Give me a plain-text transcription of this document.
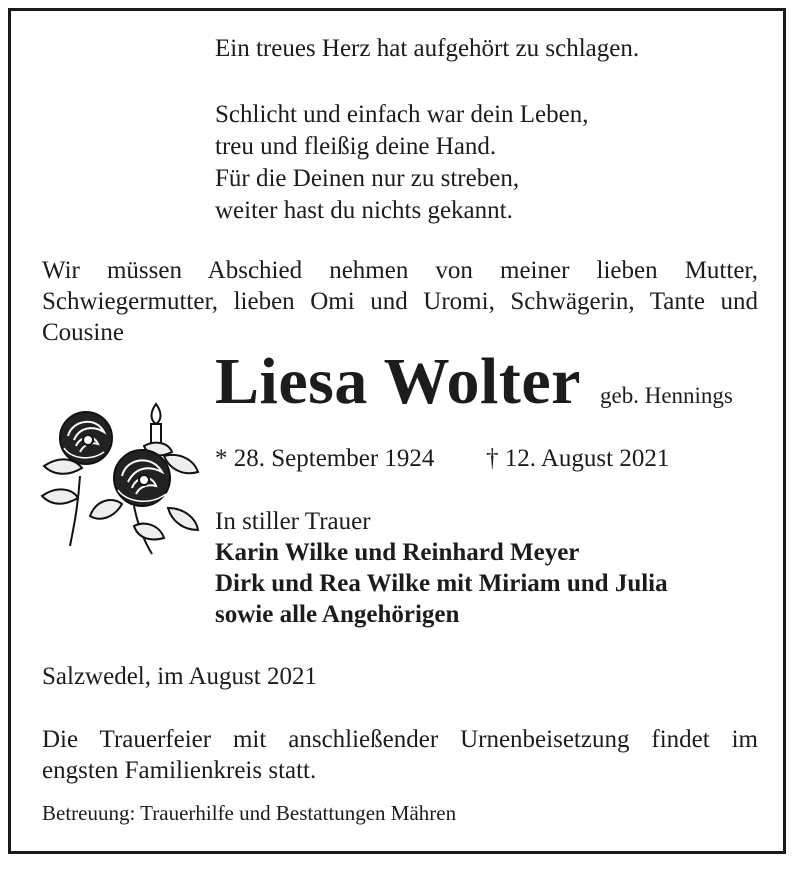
Ein treues Herz hat aufgehört zu schlagen.
Schlicht und einfach war dein Leben,
treu und fleißig deine Hand.
Für die Deinen nur zu streben,
weiter hast du nichts gekannt.
Wir müssen Abschied nehmen von meiner lieben Mutter,
Schwiegermutter, lieben Omi und Uromi, Schwägerin, Tante und
Cousine
Liesa Wolter geb. Hennings
* 28. September 1924 † 12. August 2021
In stiller Trauer
Karin Wilke und Reinhard Meyer
Dirk und Rea Wilke mit Miriam und Julia
sowie alle Angehörigen
Salzwedel, im August 2021
Die Trauerfeier mit anschließender Urnenbeisetzung findet im
engsten Familienkreis statt.
Betreuung: Trauerhilfe und Bestattungen Mähren
